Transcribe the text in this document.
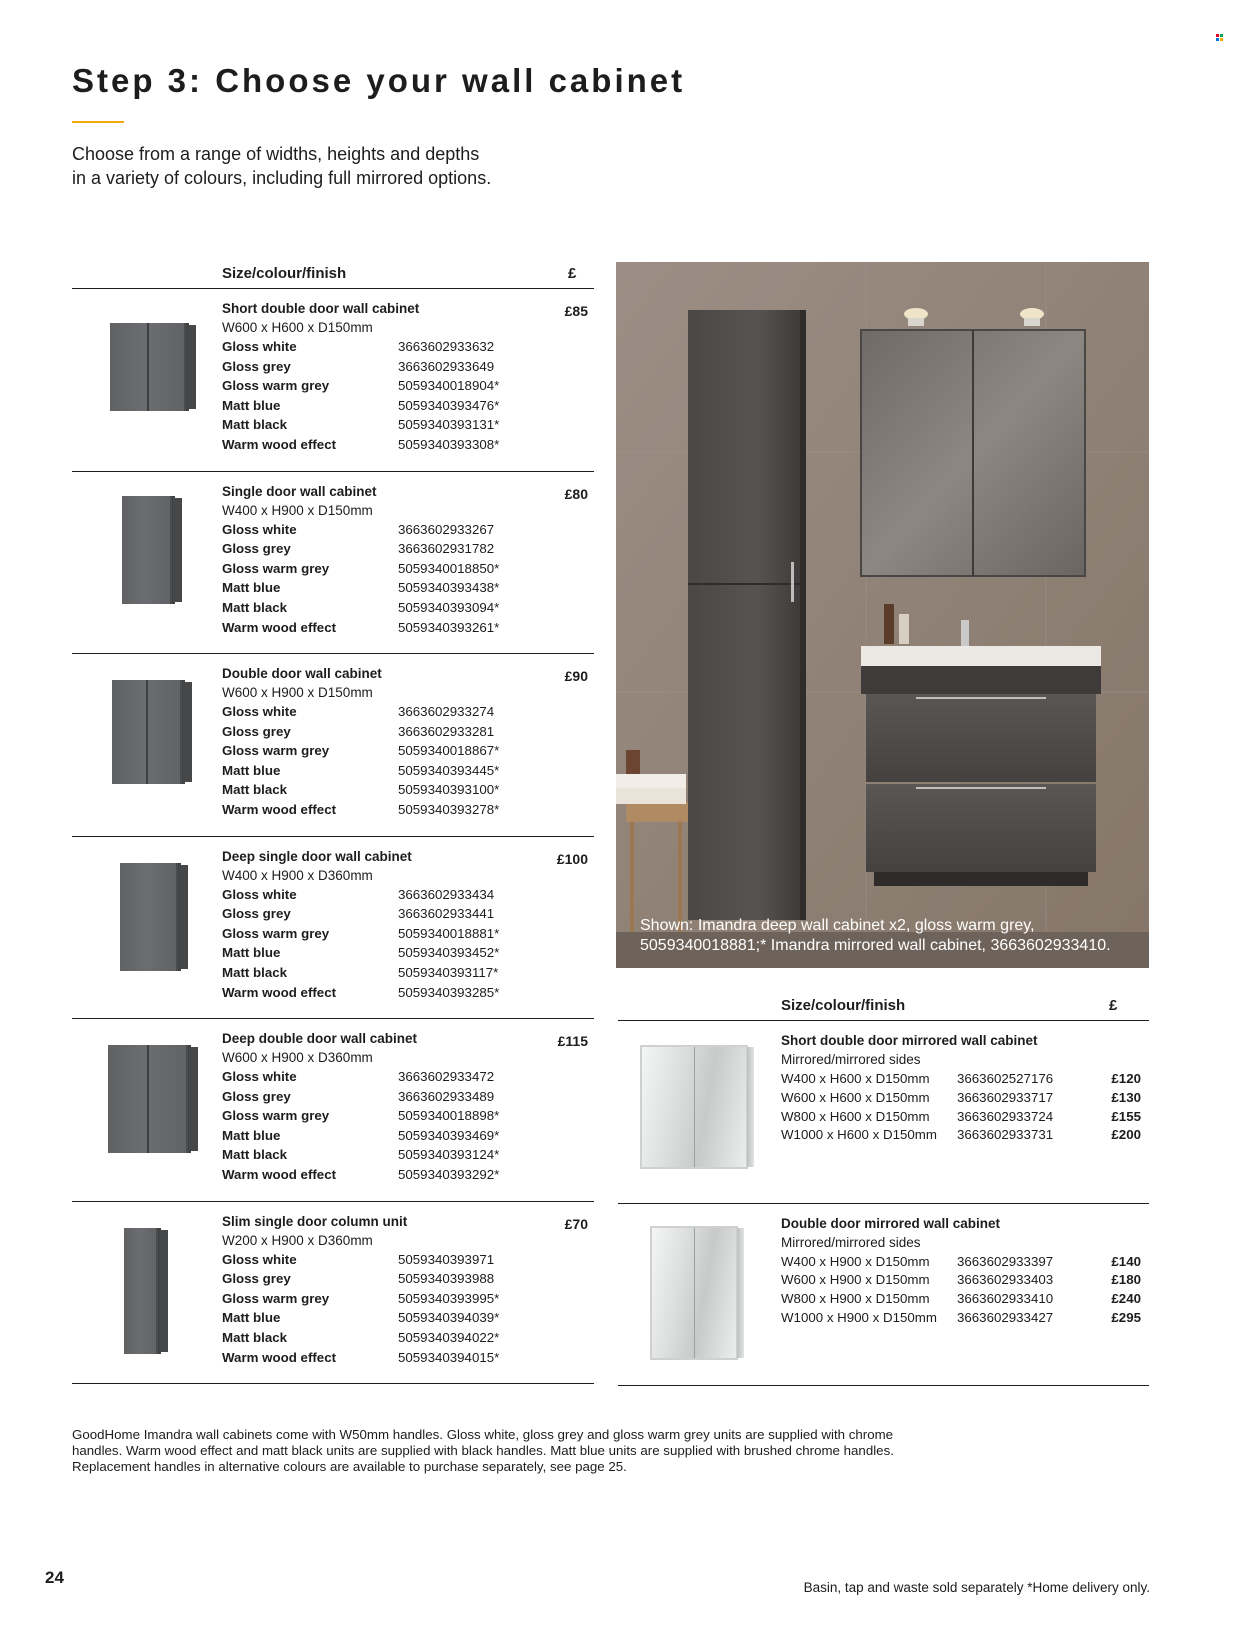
Step 3: Choose your wall cabinet
Choose from a range of widths, heights and depths
in a variety of colours, including full mirrored options.
Size/colour/finish	£
Short double door wall cabinet
W600 x H600 x D150mm
£85
Gloss white	3663602933632
Gloss grey	3663602933649
Gloss warm grey	5059340018904*
Matt blue	5059340393476*
Matt black	5059340393131*
Warm wood effect	5059340393308*
Single door wall cabinet
W400 x H900 x D150mm
£80
Gloss white	3663602933267
Gloss grey	3663602931782
Gloss warm grey	5059340018850*
Matt blue	5059340393438*
Matt black	5059340393094*
Warm wood effect	5059340393261*
Double door wall cabinet
W600 x H900 x D150mm
£90
Gloss white	3663602933274
Gloss grey	3663602933281
Gloss warm grey	5059340018867*
Matt blue	5059340393445*
Matt black	5059340393100*
Warm wood effect	5059340393278*
Deep single door wall cabinet
W400 x H900 x D360mm
£100
Gloss white	3663602933434
Gloss grey	3663602933441
Gloss warm grey	5059340018881*
Matt blue	5059340393452*
Matt black	5059340393117*
Warm wood effect	5059340393285*
Deep double door wall cabinet
W600 x H900 x D360mm
£115
Gloss white	3663602933472
Gloss grey	3663602933489
Gloss warm grey	5059340018898*
Matt blue	5059340393469*
Matt black	5059340393124*
Warm wood effect	5059340393292*
Slim single door column unit
W200 x H900 x D360mm
£70
Gloss white	5059340393971
Gloss grey	5059340393988
Gloss warm grey	5059340393995*
Matt blue	5059340394039*
Matt black	5059340394022*
Warm wood effect	5059340394015*
Shown: Imandra deep wall cabinet x2, gloss warm grey,
5059340018881;* Imandra mirrored wall cabinet, 3663602933410.
Size/colour/finish	£
Short double door mirrored wall cabinet
Mirrored/mirrored sides
W400 x H600 x D150mm 3663602527176	£120
W600 x H600 x D150mm 3663602933717	£130
W800 x H600 x D150mm 3663602933724	£155
W1000 x H600 x D150mm 3663602933731	£200
Double door mirrored wall cabinet
Mirrored/mirrored sides
W400 x H900 x D150mm 3663602933397	£140
W600 x H900 x D150mm 3663602933403	£180
W800 x H900 x D150mm 3663602933410	£240
W1000 x H900 x D150mm 3663602933427	£295
GoodHome Imandra wall cabinets come with W50mm handles. Gloss white, gloss grey and gloss warm grey units are supplied with chrome
handles. Warm wood effect and matt black units are supplied with black handles. Matt blue units are supplied with brushed chrome handles.
Replacement handles in alternative colours are available to purchase separately, see page 25.
24
Basin, tap and waste sold separately *Home delivery only.
